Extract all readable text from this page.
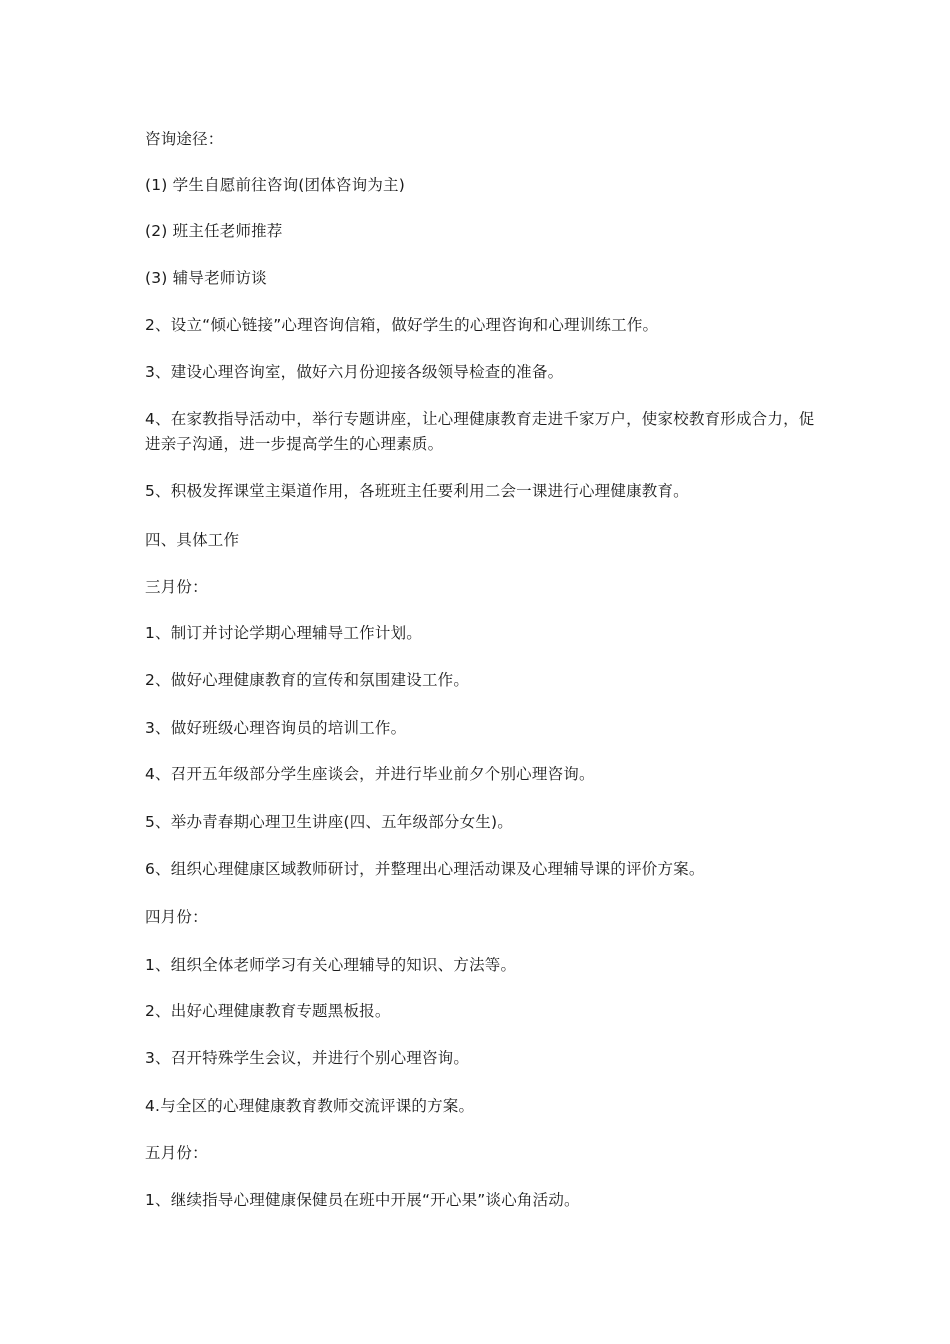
咨询途径：

(1) 学生自愿前往咨询(团体咨询为主)

(2) 班主任老师推荐

(3) 辅导老师访谈

2、设立“倾心链接”心理咨询信箱，做好学生的心理咨询和心理训练工作。

3、建设心理咨询室，做好六月份迎接各级领导检查的准备。

4、在家教指导活动中，举行专题讲座，让心理健康教育走进千家万户，使家校教育形成合力，促进亲子沟通，进一步提高学生的心理素质。

5、积极发挥课堂主渠道作用，各班班主任要利用二会一课进行心理健康教育。

四、具体工作

三月份：

1、制订并讨论学期心理辅导工作计划。

2、做好心理健康教育的宣传和氛围建设工作。

3、做好班级心理咨询员的培训工作。

4、召开五年级部分学生座谈会，并进行毕业前夕个别心理咨询。

5、举办青春期心理卫生讲座(四、五年级部分女生)。

6、组织心理健康区域教师研讨，并整理出心理活动课及心理辅导课的评价方案。

四月份：

1、组织全体老师学习有关心理辅导的知识、方法等。

2、出好心理健康教育专题黑板报。

3、召开特殊学生会议，并进行个别心理咨询。

4.与全区的心理健康教育教师交流评课的方案。

五月份：

1、继续指导心理健康保健员在班中开展“开心果”谈心角活动。
